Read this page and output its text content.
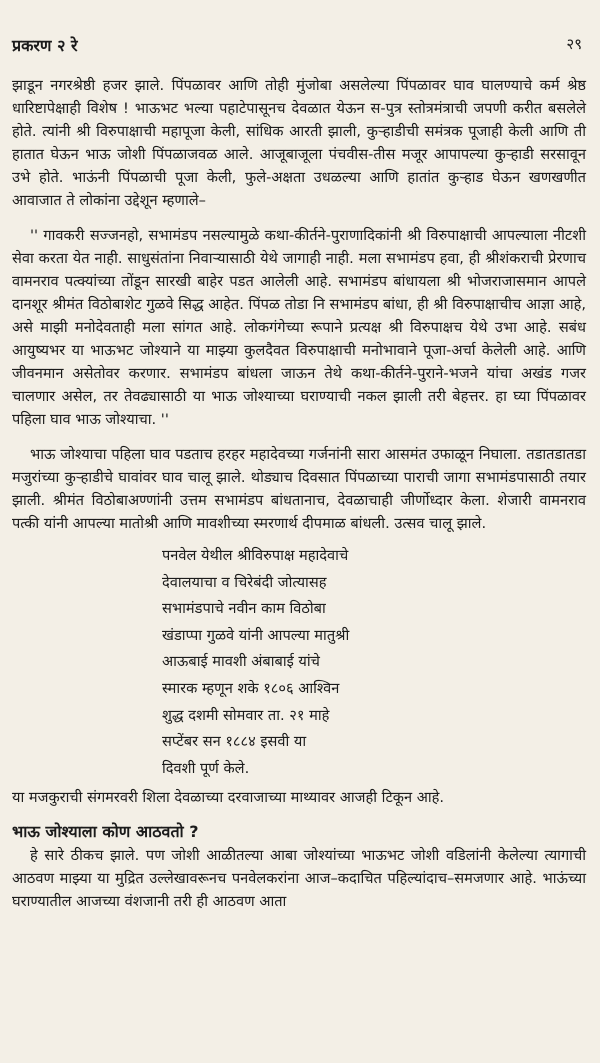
प्रकरण २ रे	२९

झाडून नगरश्रेष्ठी हजर झाले. पिंपळावर आणि तोही मुंजोबा असलेल्या पिंपळावर घाव घालण्याचे कर्म श्रेष्ठ धारिष्टापेक्षाही विशेष ! भाऊभट भल्या पहाटेपासूनच देवळात येऊन स-पुत्र स्तोत्रमंत्राची जपणी करीत बसलेले होते. त्यांनी श्री विरुपाक्षाची महापूजा केली, सांधिक आरती झाली, कुऱ्हाडीची समंत्रक पूजाही केली आणि ती हातात घेऊन भाऊ जोशी पिंपळाजवळ आले. आजूबाजूला पंचवीस-तीस मजूर आपापल्या कुऱ्हाडी सरसावून उभे होते. भाऊंनी पिंपळाची पूजा केली, फुले-अक्षता उधळल्या आणि हातांत कुऱ्हाड घेऊन खणखणीत आवाजात ते लोकांना उद्देशून म्हणाले–

'' गावकरी सज्जनहो, सभामंडप नसल्यामुळे कथा-कीर्तने-पुराणादिकांनी श्री विरुपाक्षाची आपल्याला नीटशी सेवा करता येत नाही. साधुसंतांना निवाऱ्यासाठी येथे जागाही नाही. मला सभामंडप हवा, ही श्रीशंकराची प्रेरणाच वामनराव पत्क्यांच्या तोंडून सारखी बाहेर पडत आलेली आहे. सभामंडप बांधायला श्री भोजराजासमान आपले दानशूर श्रीमंत विठोबाशेट गुळवे सिद्ध आहेत. पिंपळ तोडा नि सभामंडप बांधा, ही श्री विरुपाक्षाचीच आज्ञा आहे, असे माझी मनोदेवताही मला सांगत आहे. लोकगंगेच्या रूपाने प्रत्यक्ष श्री विरुपाक्षच येथे उभा आहे. सबंध आयुष्यभर या भाऊभट जोश्याने या माझ्या कुलदैवत विरुपाक्षाची मनोभावाने पूजा-अर्चा केलेली आहे. आणि जीवनमान असेतोवर करणार. सभामंडप बांधला जाऊन तेथे कथा-कीर्तने-पुराने-भजने यांचा अखंड गजर चालणार असेल, तर तेवढ्यासाठी या भाऊ जोश्याच्या घराण्याची नकल झाली तरी बेहत्तर. हा घ्या पिंपळावर पहिला घाव भाऊ जोश्याचा. ''

भाऊ जोश्याचा पहिला घाव पडताच हरहर महादेवच्या गर्जनांनी सारा आसमंत उफाळून निघाला. तडातडातडा मजुरांच्या कुऱ्हाडीचे घावांवर घाव चालू झाले. थोड्याच दिवसात पिंपळाच्या पाराची जागा सभामंडपासाठी तयार झाली. श्रीमंत विठोबाअण्णांनी उत्तम सभामंडप बांधतानाच, देवळाचाही जीर्णोध्दार केला. शेजारी वामनराव पत्की यांनी आपल्या मातोश्री आणि मावशीच्या स्मरणार्थ दीपमाळ बांधली. उत्सव चालू झाले.

पनवेल येथील श्रीविरुपाक्ष महादेवाचे
देवालयाचा व चिरेबंदी जोत्यासह
सभामंडपाचे नवीन काम विठोबा
खंडाप्पा गुळवे यांनी आपल्या मातुश्री
आऊबाई मावशी अंबाबाई यांचे
स्मारक म्हणून शके १८०६ आश्विन
शुद्ध दशमी सोमवार ता. २१ माहे
सप्टेंबर सन १८८४ इसवी या
दिवशी पूर्ण केले.

या मजकुराची संगमरवरी शिला देवळाच्या दरवाजाच्या माथ्यावर आजही टिकून आहे.

भाऊ जोश्याला कोण आठवतो ?

हे सारे ठीकच झाले. पण जोशी आळीतल्या आबा जोश्यांच्या भाऊभट जोशी वडिलांनी केलेल्या त्यागाची आठवण माझ्या या मुद्रित उल्लेखावरूनच पनवेलकरांना आज–कदाचित पहिल्यांदाच–समजणार आहे. भाऊंच्या घराण्यातील आजच्या वंशजानी तरी ही आठवण आता
